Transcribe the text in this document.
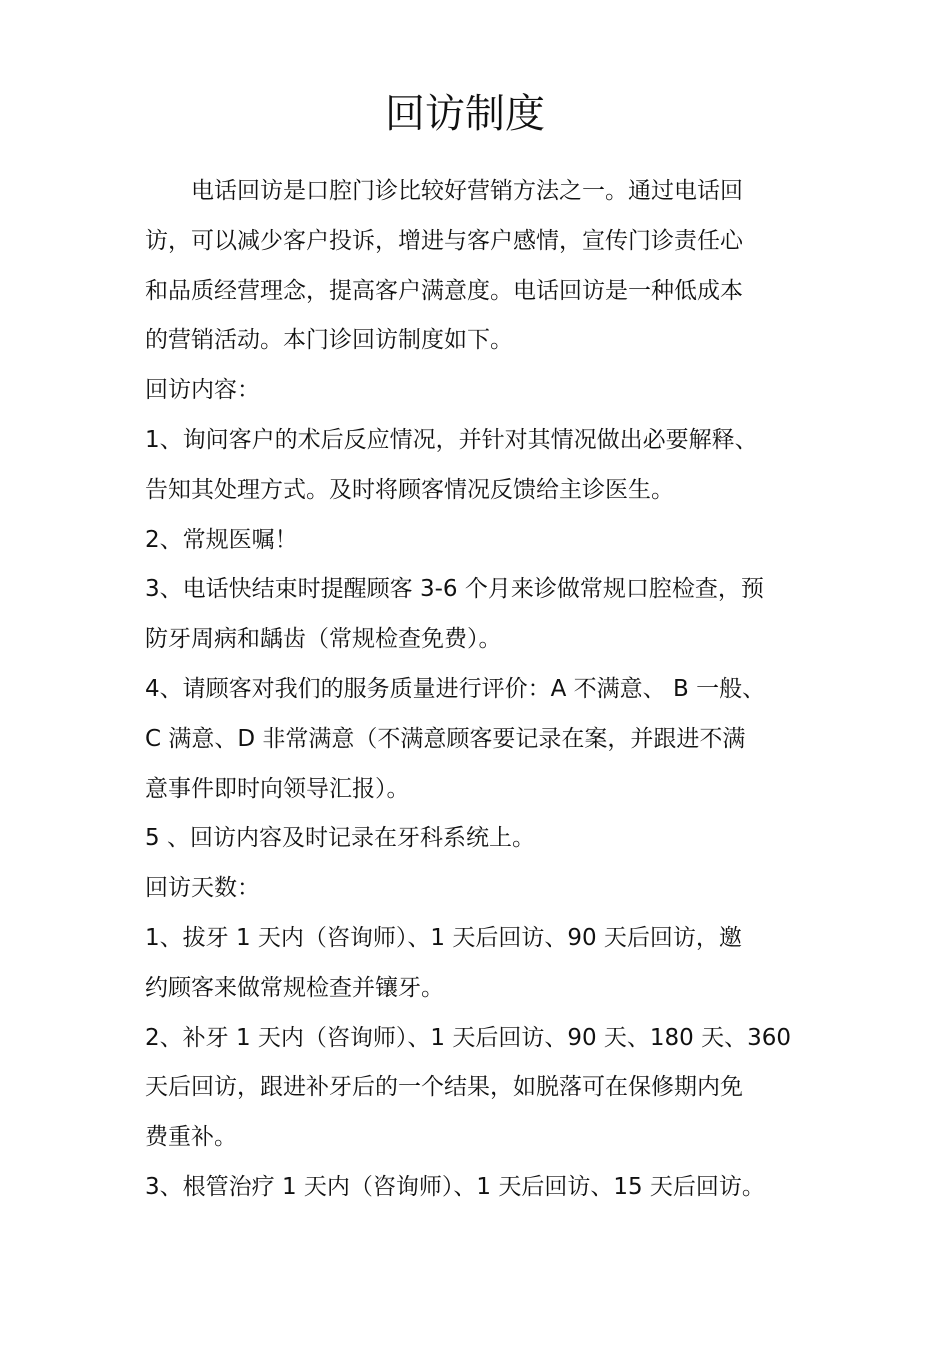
回访制度
电话回访是口腔门诊比较好营销方法之一。通过电话回
访，可以减少客户投诉，增进与客户感情，宣传门诊责任心
和品质经营理念，提高客户满意度。电话回访是一种低成本
的营销活动。本门诊回访制度如下。
回访内容：
1、询问客户的术后反应情况，并针对其情况做出必要解释、
告知其处理方式。及时将顾客情况反馈给主诊医生。
2、常规医嘱！
3、电话快结束时提醒顾客 3-6 个月来诊做常规口腔检查，预
防牙周病和龋齿（常规检查免费）。
4、请顾客对我们的服务质量进行评价：A 不满意、 B 一般、
C 满意、D 非常满意（不满意顾客要记录在案，并跟进不满
意事件即时向领导汇报）。
5 、回访内容及时记录在牙科系统上。
回访天数：
1、拔牙 1 天内（咨询师）、1 天后回访、90 天后回访，邀
约顾客来做常规检查并镶牙。
2、补牙 1 天内（咨询师）、1 天后回访、90 天、180 天、360
天后回访，跟进补牙后的一个结果，如脱落可在保修期内免
费重补。
3、根管治疗 1 天内（咨询师）、1 天后回访、15 天后回访。
